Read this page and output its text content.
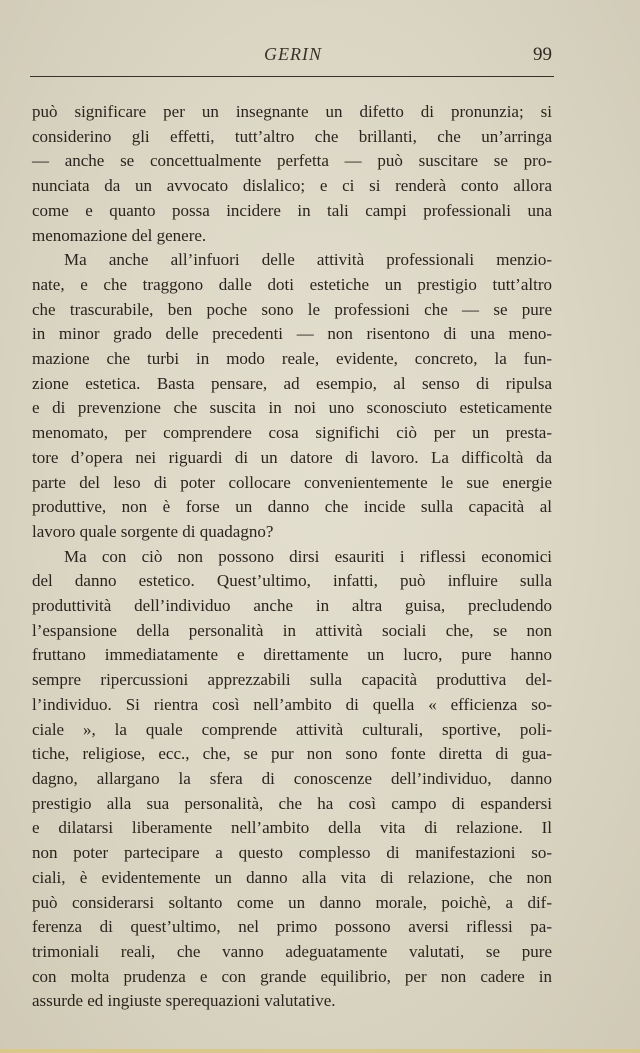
GERIN	99

può significare per un insegnante un difetto di pronunzia; si
considerino gli effetti, tutt’altro che brillanti, che un’arringa
— anche se concettualmente perfetta — può suscitare se pro-
nunciata da un avvocato dislalico; e ci si renderà conto allora
come e quanto possa incidere in tali campi professionali una
menomazione del genere.

Ma anche all’infuori delle attività professionali menzio-
nate, e che traggono dalle doti estetiche un prestigio tutt’altro
che trascurabile, ben poche sono le professioni che — se pure
in minor grado delle precedenti — non risentono di una meno-
mazione che turbi in modo reale, evidente, concreto, la fun-
zione estetica. Basta pensare, ad esempio, al senso di ripulsa
e di prevenzione che suscita in noi uno sconosciuto esteticamente
menomato, per comprendere cosa significhi ciò per un presta-
tore d’opera nei riguardi di un datore di lavoro. La difficoltà da
parte del leso di poter collocare convenientemente le sue energie
produttive, non è forse un danno che incide sulla capacità al
lavoro quale sorgente di quadagno?

Ma con ciò non possono dirsi esauriti i riflessi economici
del danno estetico. Quest’ultimo, infatti, può influire sulla
produttività dell’individuo anche in altra guisa, precludendo
l’espansione della personalità in attività sociali che, se non
fruttano immediatamente e direttamente un lucro, pure hanno
sempre ripercussioni apprezzabili sulla capacità produttiva del-
l’individuo. Si rientra così nell’ambito di quella « efficienza so-
ciale », la quale comprende attività culturali, sportive, poli-
tiche, religiose, ecc., che, se pur non sono fonte diretta di gua-
dagno, allargano la sfera di conoscenze dell’individuo, danno
prestigio alla sua personalità, che ha così campo di espandersi
e dilatarsi liberamente nell’ambito della vita di relazione. Il
non poter partecipare a questo complesso di manifestazioni so-
ciali, è evidentemente un danno alla vita di relazione, che non
può considerarsi soltanto come un danno morale, poichè, a dif-
ferenza di quest’ultimo, nel primo possono aversi riflessi pa-
trimoniali reali, che vanno adeguatamente valutati, se pure
con molta prudenza e con grande equilibrio, per non cadere in
assurde ed ingiuste sperequazioni valutative.
